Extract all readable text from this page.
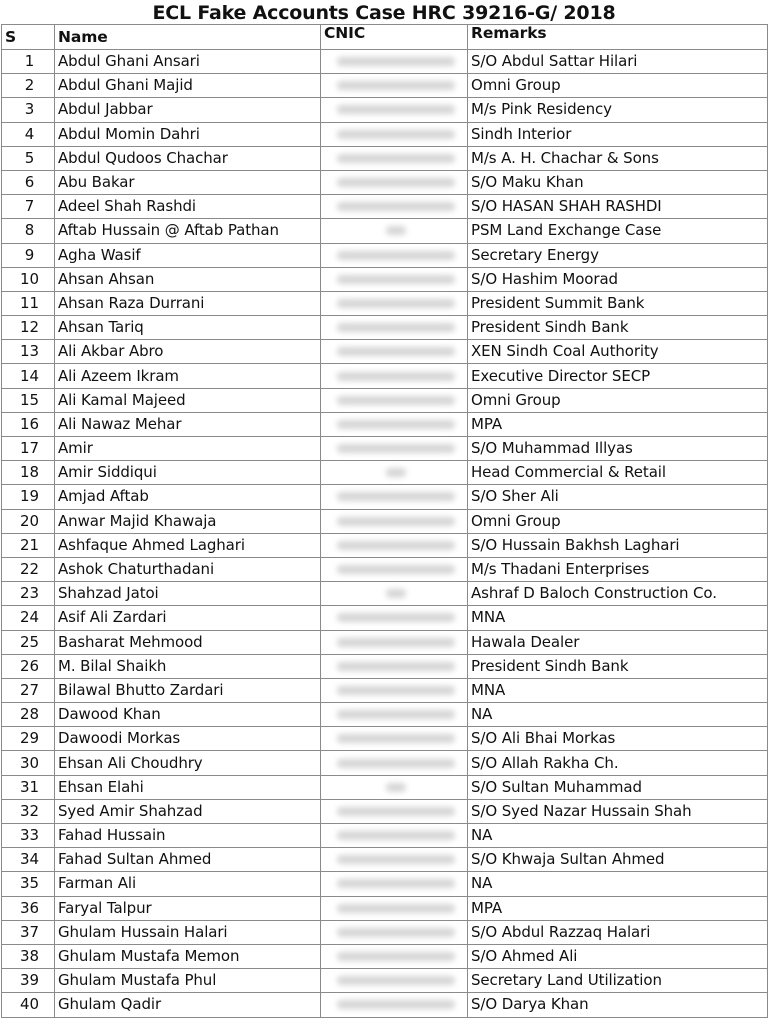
ECL Fake Accounts Case HRC 39216-G/ 2018
S	Name	CNIC	Remarks
1	Abdul Ghani Ansari		S/O Abdul Sattar Hilari
2	Abdul Ghani Majid		Omni Group
3	Abdul Jabbar		M/s Pink Residency
4	Abdul Momin Dahri		Sindh Interior
5	Abdul Qudoos Chachar		M/s A. H. Chachar & Sons
6	Abu Bakar		S/O Maku Khan
7	Adeel Shah Rashdi		S/O HASAN SHAH RASHDI
8	Aftab Hussain @ Aftab Pathan		PSM Land Exchange Case
9	Agha Wasif		Secretary Energy
10	Ahsan Ahsan		S/O Hashim Moorad
11	Ahsan Raza Durrani		President Summit Bank
12	Ahsan Tariq		President Sindh Bank
13	Ali Akbar Abro		XEN Sindh Coal Authority
14	Ali Azeem Ikram		Executive Director SECP
15	Ali Kamal Majeed		Omni Group
16	Ali Nawaz Mehar		MPA
17	Amir		S/O Muhammad Illyas
18	Amir Siddiqui		Head Commercial & Retail
19	Amjad Aftab		S/O Sher Ali
20	Anwar Majid Khawaja		Omni Group
21	Ashfaque Ahmed Laghari		S/O Hussain Bakhsh Laghari
22	Ashok Chaturthadani		M/s Thadani Enterprises
23	Shahzad Jatoi		Ashraf D Baloch Construction Co.
24	Asif Ali Zardari		MNA
25	Basharat Mehmood		Hawala Dealer
26	M. Bilal Shaikh		President Sindh Bank
27	Bilawal Bhutto Zardari		MNA
28	Dawood Khan		NA
29	Dawoodi Morkas		S/O Ali Bhai Morkas
30	Ehsan Ali Choudhry		S/O Allah Rakha Ch.
31	Ehsan Elahi		S/O Sultan Muhammad
32	Syed Amir Shahzad		S/O Syed Nazar Hussain Shah
33	Fahad Hussain		NA
34	Fahad Sultan Ahmed		S/O Khwaja Sultan Ahmed
35	Farman Ali		NA
36	Faryal Talpur		MPA
37	Ghulam Hussain Halari		S/O Abdul Razzaq Halari
38	Ghulam Mustafa Memon		S/O Ahmed Ali
39	Ghulam Mustafa Phul		Secretary Land Utilization
40	Ghulam Qadir		S/O Darya Khan
